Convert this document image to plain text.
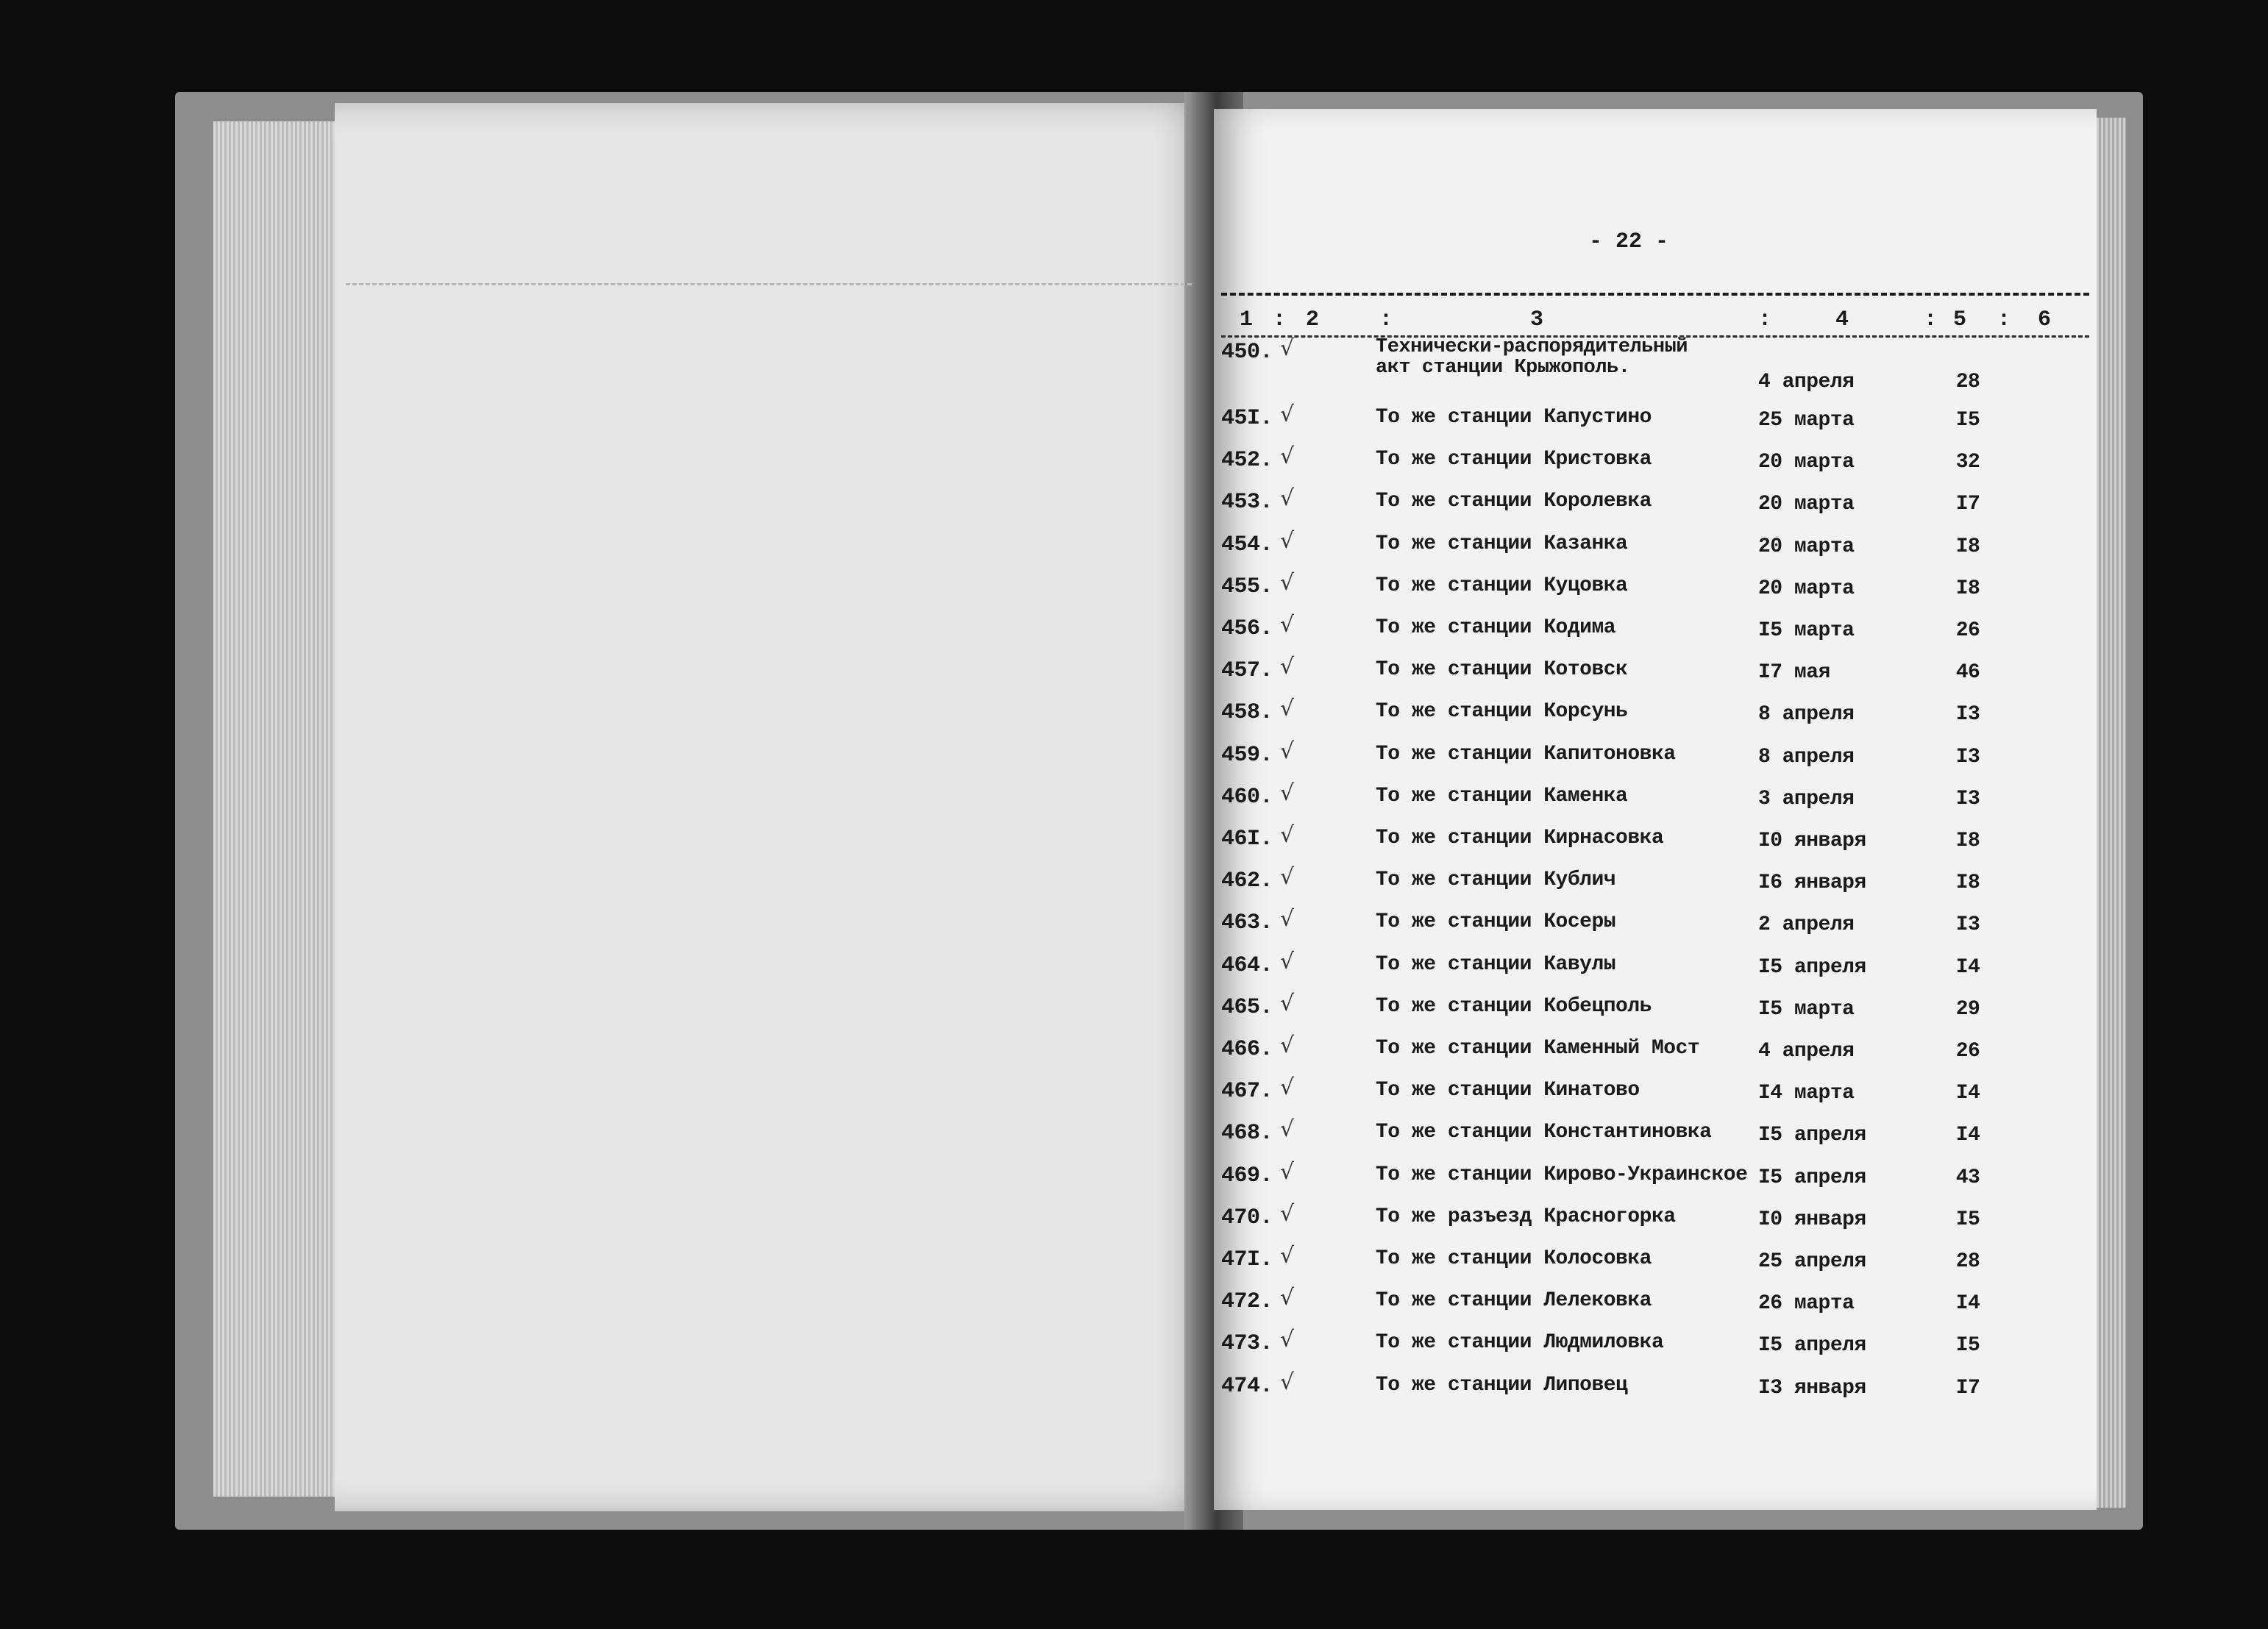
- 22 -
1 : 2	:	3	:	4	: 5 : 6
450. √	Технически-распорядительный
акт станции Крыжополь.
4 апреля	28
45I. √	То же станции Капустино	25 марта	I5
452. √	То же станции Кристовка	20 марта	32
453. √	То же станции Королевка	20 марта	I7
454. √	То же станции Казанка	20 марта	I8
455. √	То же станции Куцовка	20 марта	I8
456. √	То же станции Кодима	I5 марта	26
457. √	То же станции Котовск	I7 мая	46
458. √	То же станции Корсунь	8 апреля	I3
459. √	То же станции Капитоновка	8 апреля	I3
460. √	То же станции Каменка	3 апреля	I3
46I. √	То же станции Кирнасовка	I0 января	I8
462. √	То же станции Кублич	I6 января	I8
463. √	То же станции Косеры	2 апреля	I3
464. √	То же станции Кавулы	I5 апреля	I4
465. √	То же станции Кобецполь	I5 марта	29
466. √	То же станции Каменный Мост	4 апреля	26
467. √	То же станции Кинатово	I4 марта	I4
468. √	То же станции Константиновка I5 апреля	I4
469. √	То же станции Кирово-Украинское I5 апреля	43
470. √	То же разъезд Красногорка	I0 января	I5
47I. √	То же станции Колосовка	25 апреля	28
472. √	То же станции Лелековка	26 марта	I4
473. √	То же станции Людмиловка	I5 апреля	I5
474. √	То же станции Липовец	I3 января	I7
